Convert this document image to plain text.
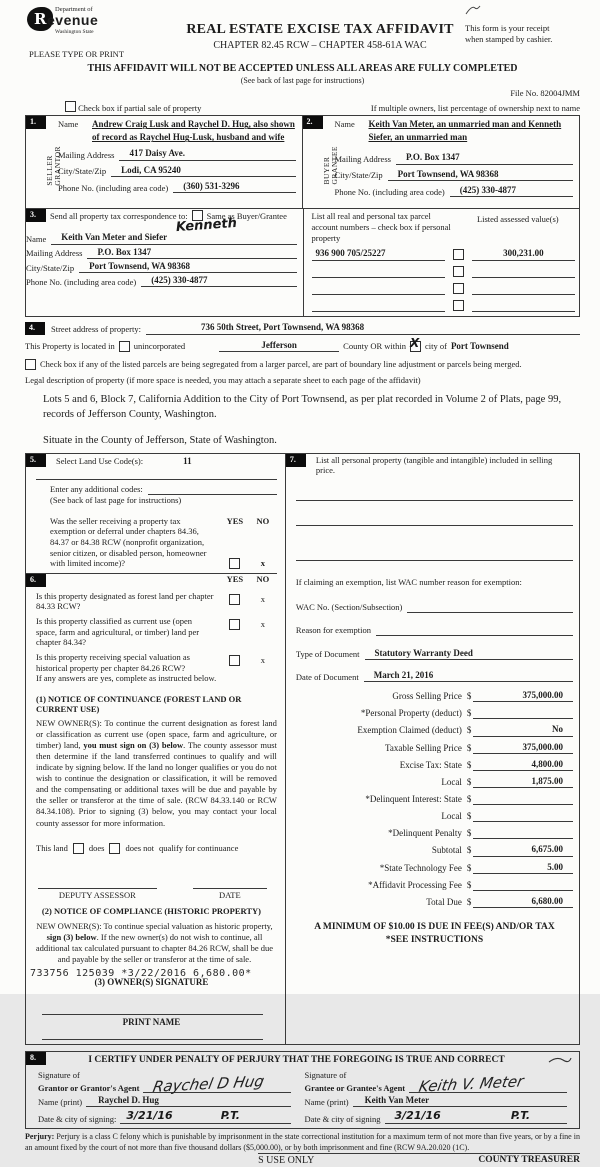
R
Department of
evenue
Washington State
PLEASE TYPE OR PRINT
REAL ESTATE EXCISE TAX AFFIDAVIT
CHAPTER 82.45 RCW – CHAPTER 458-61A WAC
This form is your receipt
when stamped by cashier.
THIS AFFIDAVIT WILL NOT BE ACCEPTED UNLESS ALL AREAS ARE FULLY COMPLETED
(See back of last page for instructions)
File No. 82004JMM
Check box if partial sale of property	If multiple owners, list percentage of ownership next to name
1.
SELLER GRANTOR
Name	Andrew Craig Lusk and Raychel D. Hug, also shown of record as Raychel Hug-Lusk, husband and wife
Mailing Address	417 Daisy Ave.
City/State/Zip	Lodi, CA 95240
Phone No. (including area code)	(360) 531-3296
2.
BUYER GRANTEE
Name	Keith Van Meter, an unmarried man and Kenneth Siefer, an unmarried man
Mailing Address	P.O. Box 1347
City/State/Zip	Port Townsend, WA 98368
Phone No. (including area code)	(425) 330-4877
3.	Send all property tax correspondence to: Same as Buyer/Grantee
Kenneth
Name	Keith Van Meter and Siefer
Mailing Address	P.O. Box 1347
City/State/Zip	Port Townsend, WA 98368
Phone No. (including area code)	(425) 330-4877
List all real and personal tax parcel account numbers – check box if personal property
Listed assessed value(s)
936 900 705/25227	300,231.00
4.	Street address of property:	736 50th Street, Port Townsend, WA 98368
This Property is located in unincorporated	Jefferson	County OR within X city of Port Townsend
Check box if any of the listed parcels are being segregated from a larger parcel, are part of boundary line adjustment or parcels being merged.
Legal description of property (if more space is needed, you may attach a separate sheet to each page of the affidavit)
Lots 5 and 6, Block 7, California Addition to the City of Port Townsend, as per plat recorded in Volume 2 of Plats, page 99, records of Jefferson County, Washington.
Situate in the County of Jefferson, State of Washington.
5.	Select Land Use Code(s):	11
Enter any additional codes:
(See back of last page for instructions)
Was the seller receiving a property tax exemption or deferral under chapters 84.36, 84.37 or 84.38 RCW (nonprofit organization, senior citizen, or disabled person, homeowner with limited income)?
YES NO
x
6.	YES	NO
Is this property designated as forest land per chapter 84.33 RCW?
x
Is this property classified as current use (open space, farm and agricultural, or timber) land per chapter 84.34?
x
Is this property receiving special valuation as historical property per chapter 84.26 RCW?
x
If any answers are yes, complete as instructed below.
(1) NOTICE OF CONTINUANCE (FOREST LAND OR CURRENT USE)
NEW OWNER(S): To continue the current designation as forest land or classification as current use (open space, farm and agriculture, or timber) land, you must sign on (3) below. The county assessor must then determine if the land transferred continues to qualify and will indicate by signing below. If the land no longer qualifies or you do not wish to continue the designation or classification, it will be removed and the compensating or additional taxes will be due and payable by the seller or transferor at the time of sale. (RCW 84.33.140 or RCW 84.34.108). Prior to signing (3) below, you may contact your local county assessor for more information.
This land does does not qualify for continuance
DEPUTY ASSESSOR	DATE
(2) NOTICE OF COMPLIANCE (HISTORIC PROPERTY)
NEW OWNER(S): To continue special valuation as historic property, sign (3) below. If the new owner(s) do not wish to continue, all additional tax calculated pursuant to chapter 84.26 RCW, shall be due and payable by the seller or transferor at the time of sale.
(3) OWNER(S) SIGNATURE
PRINT NAME
7.	List all personal property (tangible and intangible) included in selling price.
If claiming an exemption, list WAC number reason for exemption:
WAC No. (Section/Subsection)
Reason for exemption
Type of Document	Statutory Warranty Deed
Date of Document	March 21, 2016
Gross Selling Price $	375,000.00
*Personal Property (deduct) $
Exemption Claimed (deduct) $	No
Taxable Selling Price $	375,000.00
Excise Tax: State $	4,800.00
Local $	1,875.00
*Delinquent Interest: State $
Local $
*Delinquent Penalty $
Subtotal $	6,675.00
*State Technology Fee $	5.00
*Affidavit Processing Fee $
Total Due $	6,680.00
A MINIMUM OF $10.00 IS DUE IN FEE(S) AND/OR TAX
*SEE INSTRUCTIONS
8.	I CERTIFY UNDER PENALTY OF PERJURY THAT THE FOREGOING IS TRUE AND CORRECT
Signature of
Grantor or Grantor's Agent Raychel D Hug
Name (print)	Raychel D. Hug
Date & city of signing: 3/21/16	P.T.
Signature of
Grantee or Grantee's Agent Keith V. Meter
Name (print)	Keith Van Meter
Date & city of signing	3/21/16	P.T.
Perjury: Perjury is a class C felony which is punishable by imprisonment in the state correctional institution for a maximum term of not more than five years, or by a fine in an amount fixed by the court of not more than five thousand dollars ($5,000.00), or by both imprisonment and fine (RCW 9A.20.020 (1C).
S USE ONLY	COUNTY TREASURER
733756 125039 *3/22/2016 6,680.00*
